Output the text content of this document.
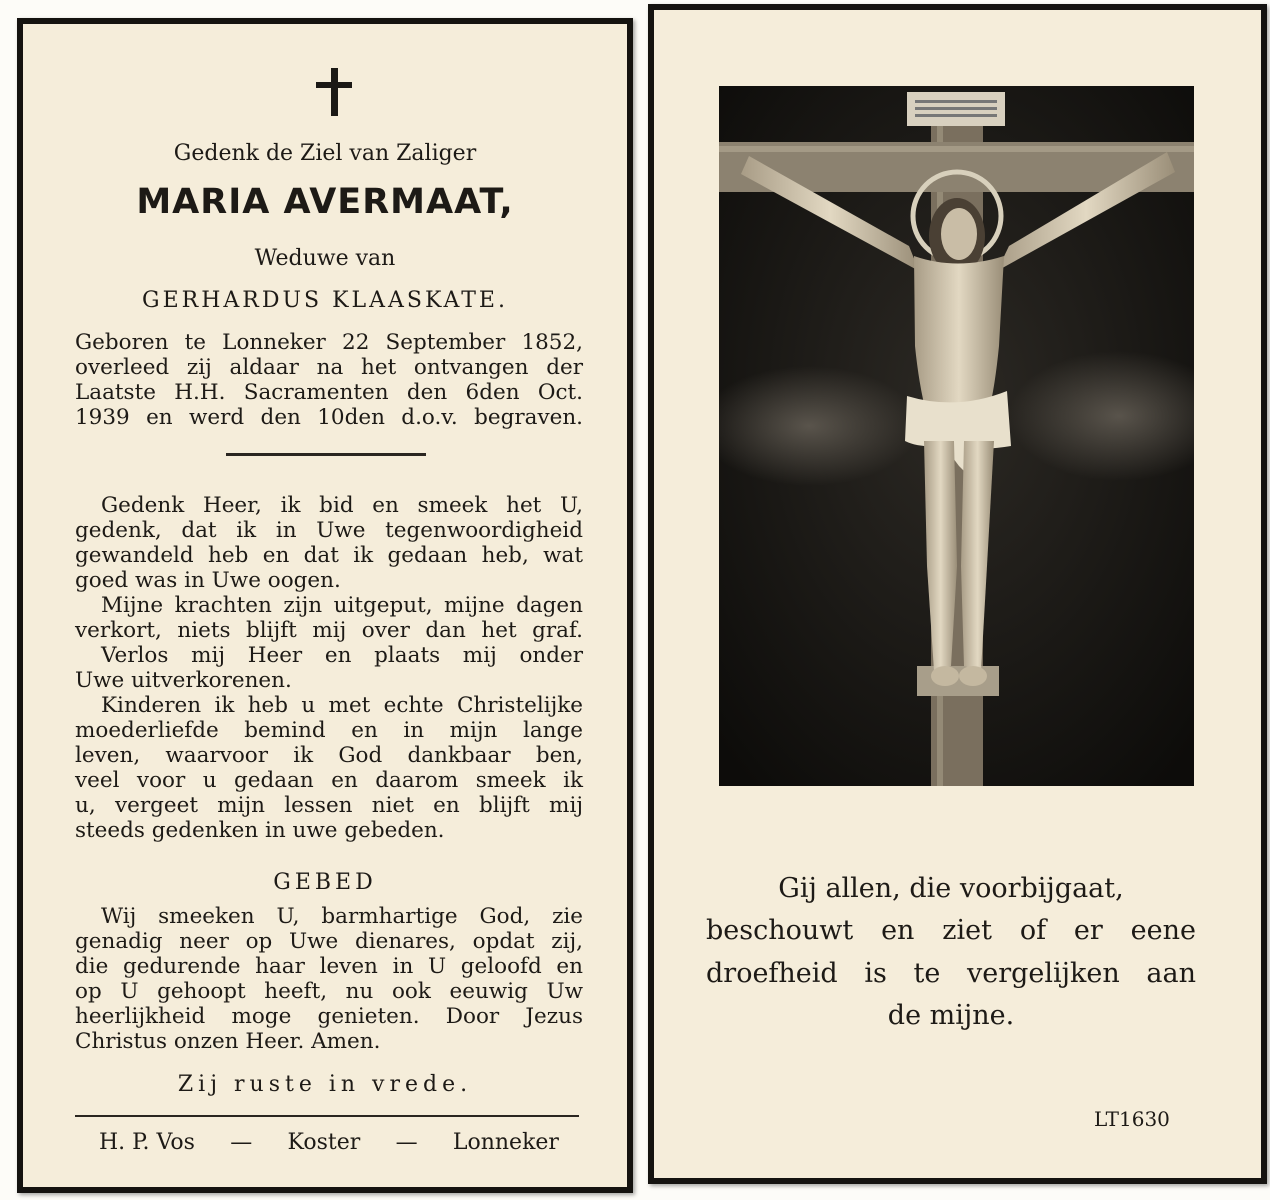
Gedenk de Ziel van Zaliger
MARIA AVERMAAT,
Weduwe van
GERHARDUS KLAASKATE.
Geboren te Lonneker 22 September 1852,
overleed zij aldaar na het ontvangen der
Laatste H.H. Sacramenten den 6den Oct.
1939 en werd den 10den d.o.v. begraven.
Gedenk Heer, ik bid en smeek het U,
gedenk, dat ik in Uwe tegenwoordigheid
gewandeld heb en dat ik gedaan heb, wat
goed was in Uwe oogen.
Mijne krachten zijn uitgeput, mijne dagen
verkort, niets blijft mij over dan het graf.
Verlos mij Heer en plaats mij onder
Uwe uitverkorenen.
Kinderen ik heb u met echte Christelijke
moederliefde bemind en in mijn lange
leven, waarvoor ik God dankbaar ben,
veel voor u gedaan en daarom smeek ik
u, vergeet mijn lessen niet en blijft mij
steeds gedenken in uwe gebeden.
GEBED
Wij smeeken U, barmhartige God, zie
genadig neer op Uwe dienares, opdat zij,
die gedurende haar leven in U geloofd en
op U gehoopt heeft, nu ook eeuwig Uw
heerlijkheid moge genieten. Door Jezus
Christus onzen Heer. Amen.
Zij ruste in vrede.
H. P. Vos — Koster — Lonneker
Gij allen, die voorbijgaat,
beschouwt en ziet of er eene
droefheid is te vergelijken aan
de mijne.
LT1630
